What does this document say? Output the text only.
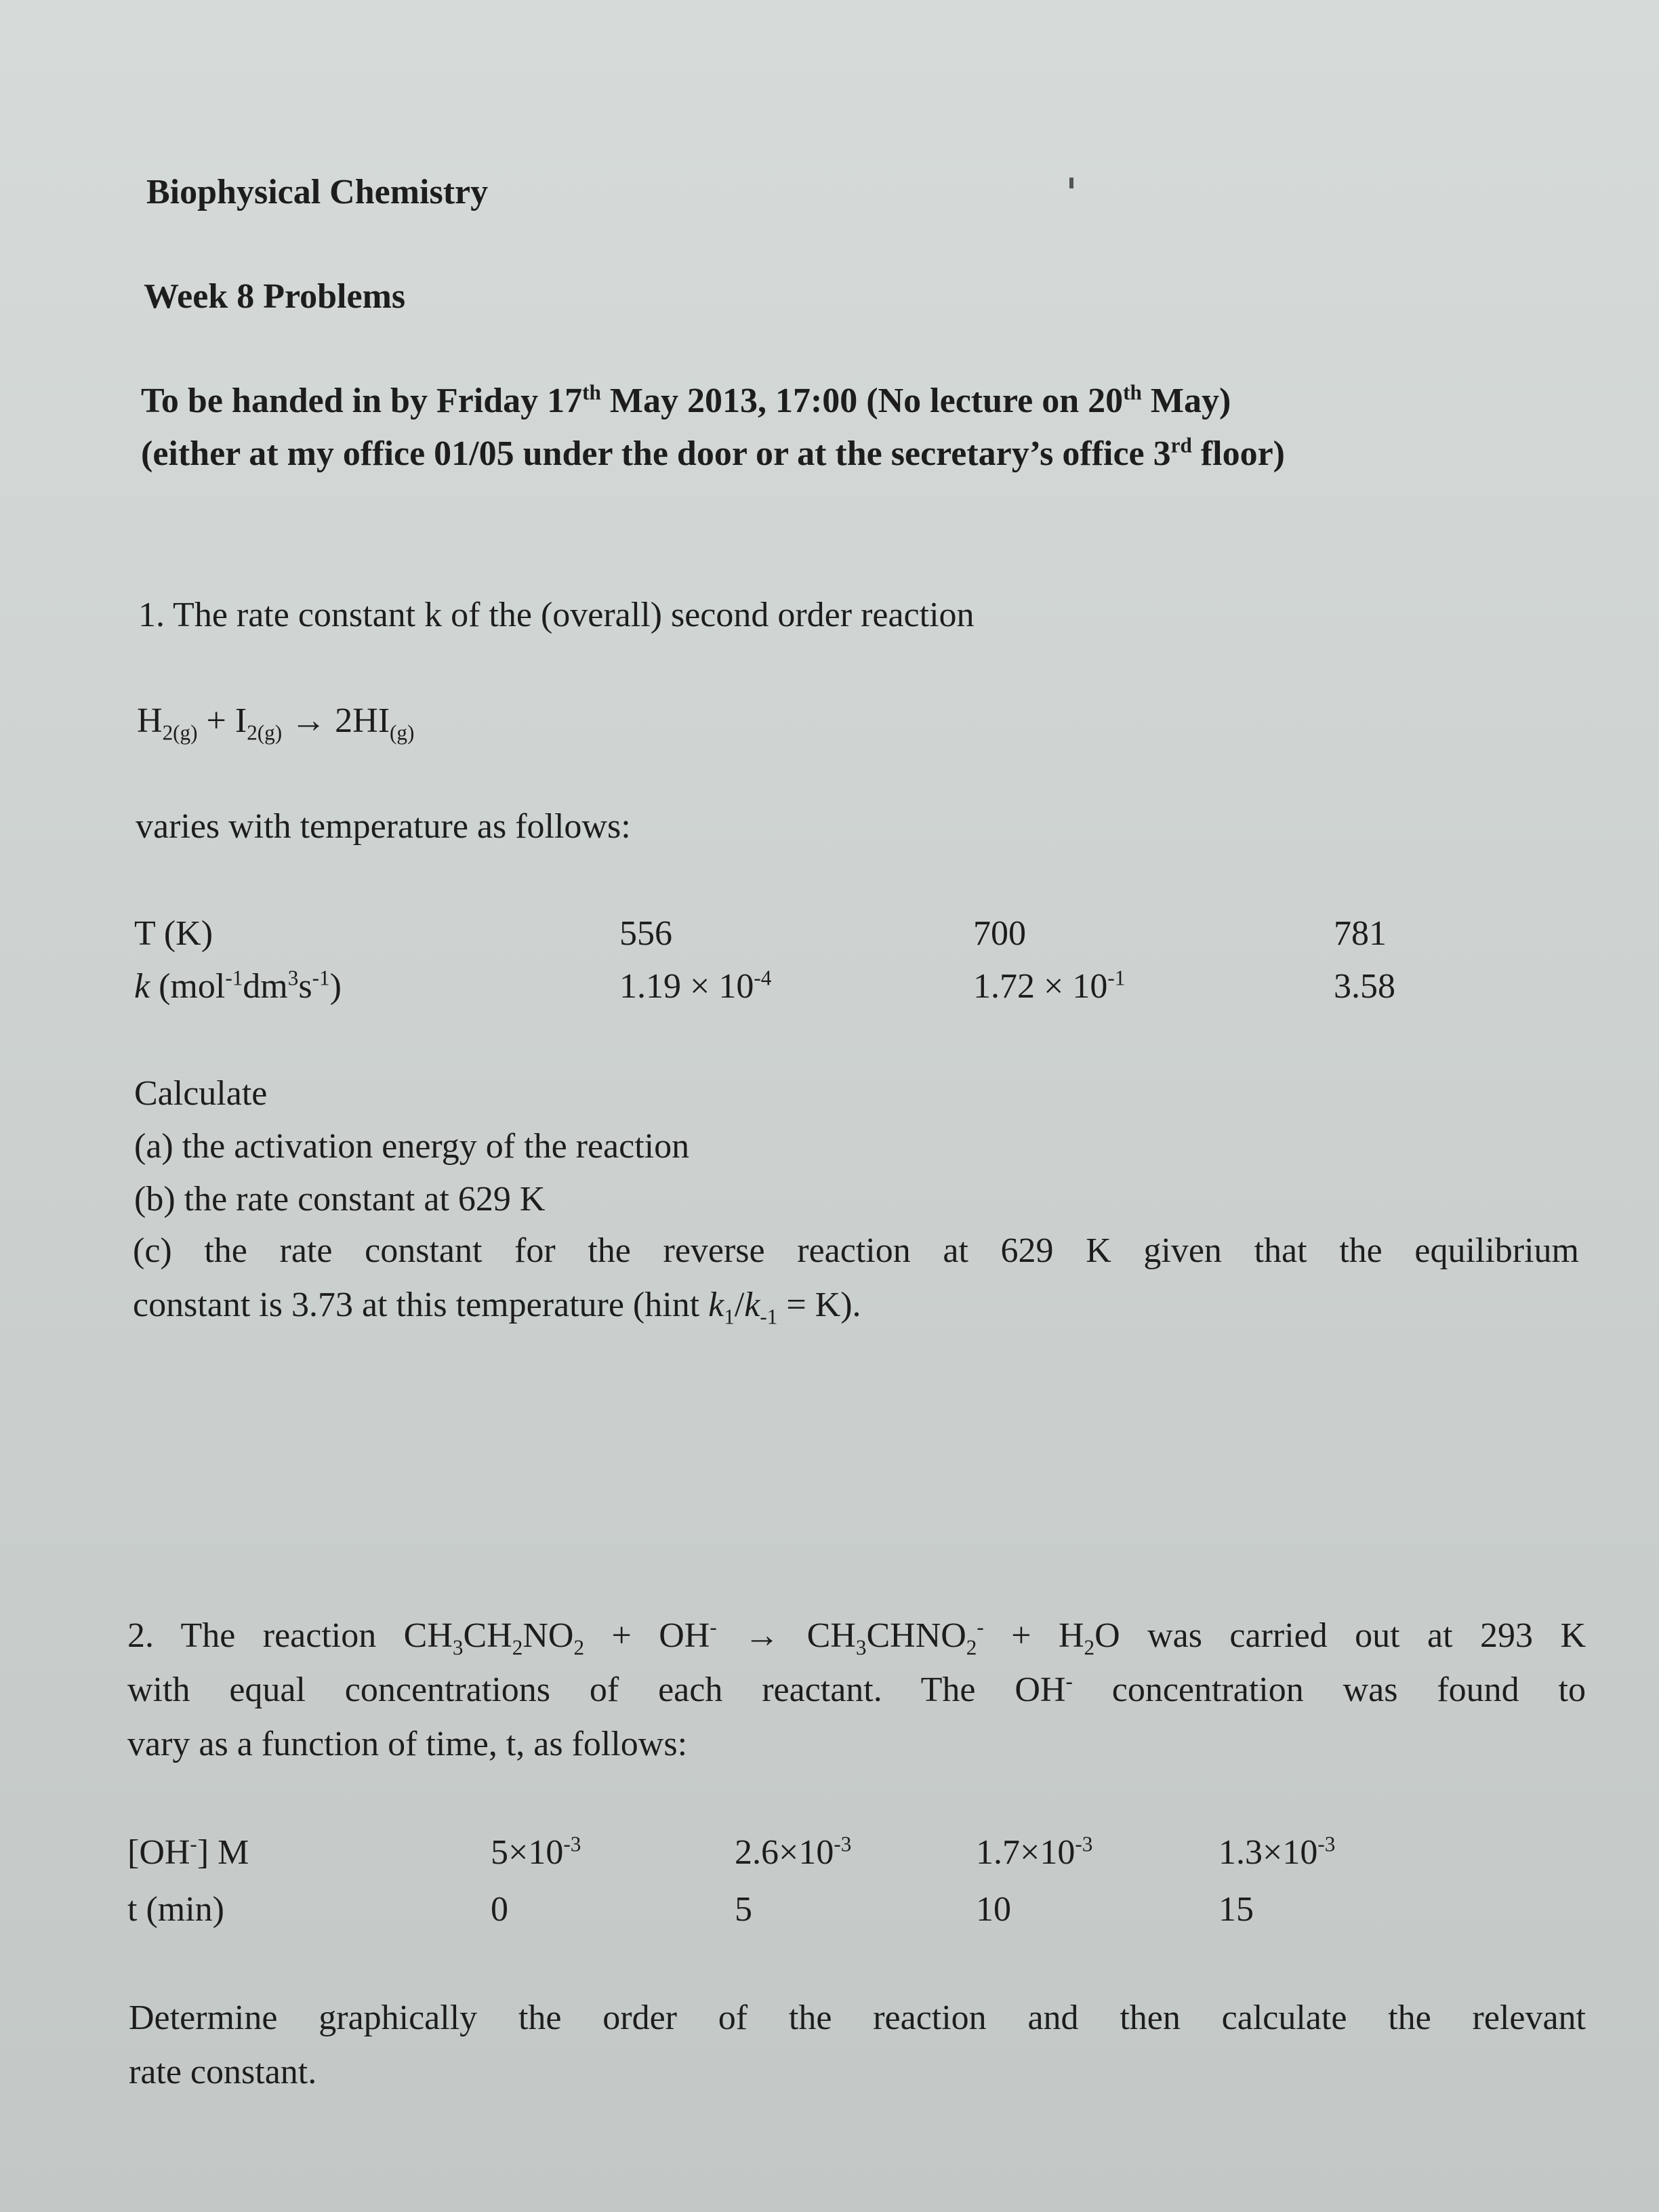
Biophysical Chemistry
Week 8 Problems
To be handed in by Friday 17th May 2013, 17:00 (No lecture on 20th May)
(either at my office 01/05 under the door or at the secretary’s office 3rd floor)
1. The rate constant k of the (overall) second order reaction
$H_{2(g)} + I_{2(g)} \to 2HI_{(g)}$
varies with temperature as follows:
T (K)	556	700	781
k $(mol^{-1}dm^3s^{-1})$	$1.19 \times 10^{-4}$	$1.72 \times 10^{-1}$	3.58
Calculate
(a) the activation energy of the reaction
(b) the rate constant at 629 K

(c) the rate constant for the reverse reaction at 629 K given that the equilibrium

constant is 3.73 at this temperature (hint $k_1/k_{-1} = K$).

2. The reaction $CH_3CH_2NO_2 + OH^-$ → $CH_3CHNO_2^- + H_2O$ was carried out at 293 K

with equal concentrations of each reactant. The OH- concentration was found to

vary as a function of time, t, as follows:

[OH-] M	$5\times 10^{-3}$	$2.6\times 10^{-3}$	$1.7\times 10^{-3}$	$1.3\times 10^{-3}$
t (min)	0	5	10	15

Determine graphically the order of the reaction and then calculate the relevant

rate constant.
